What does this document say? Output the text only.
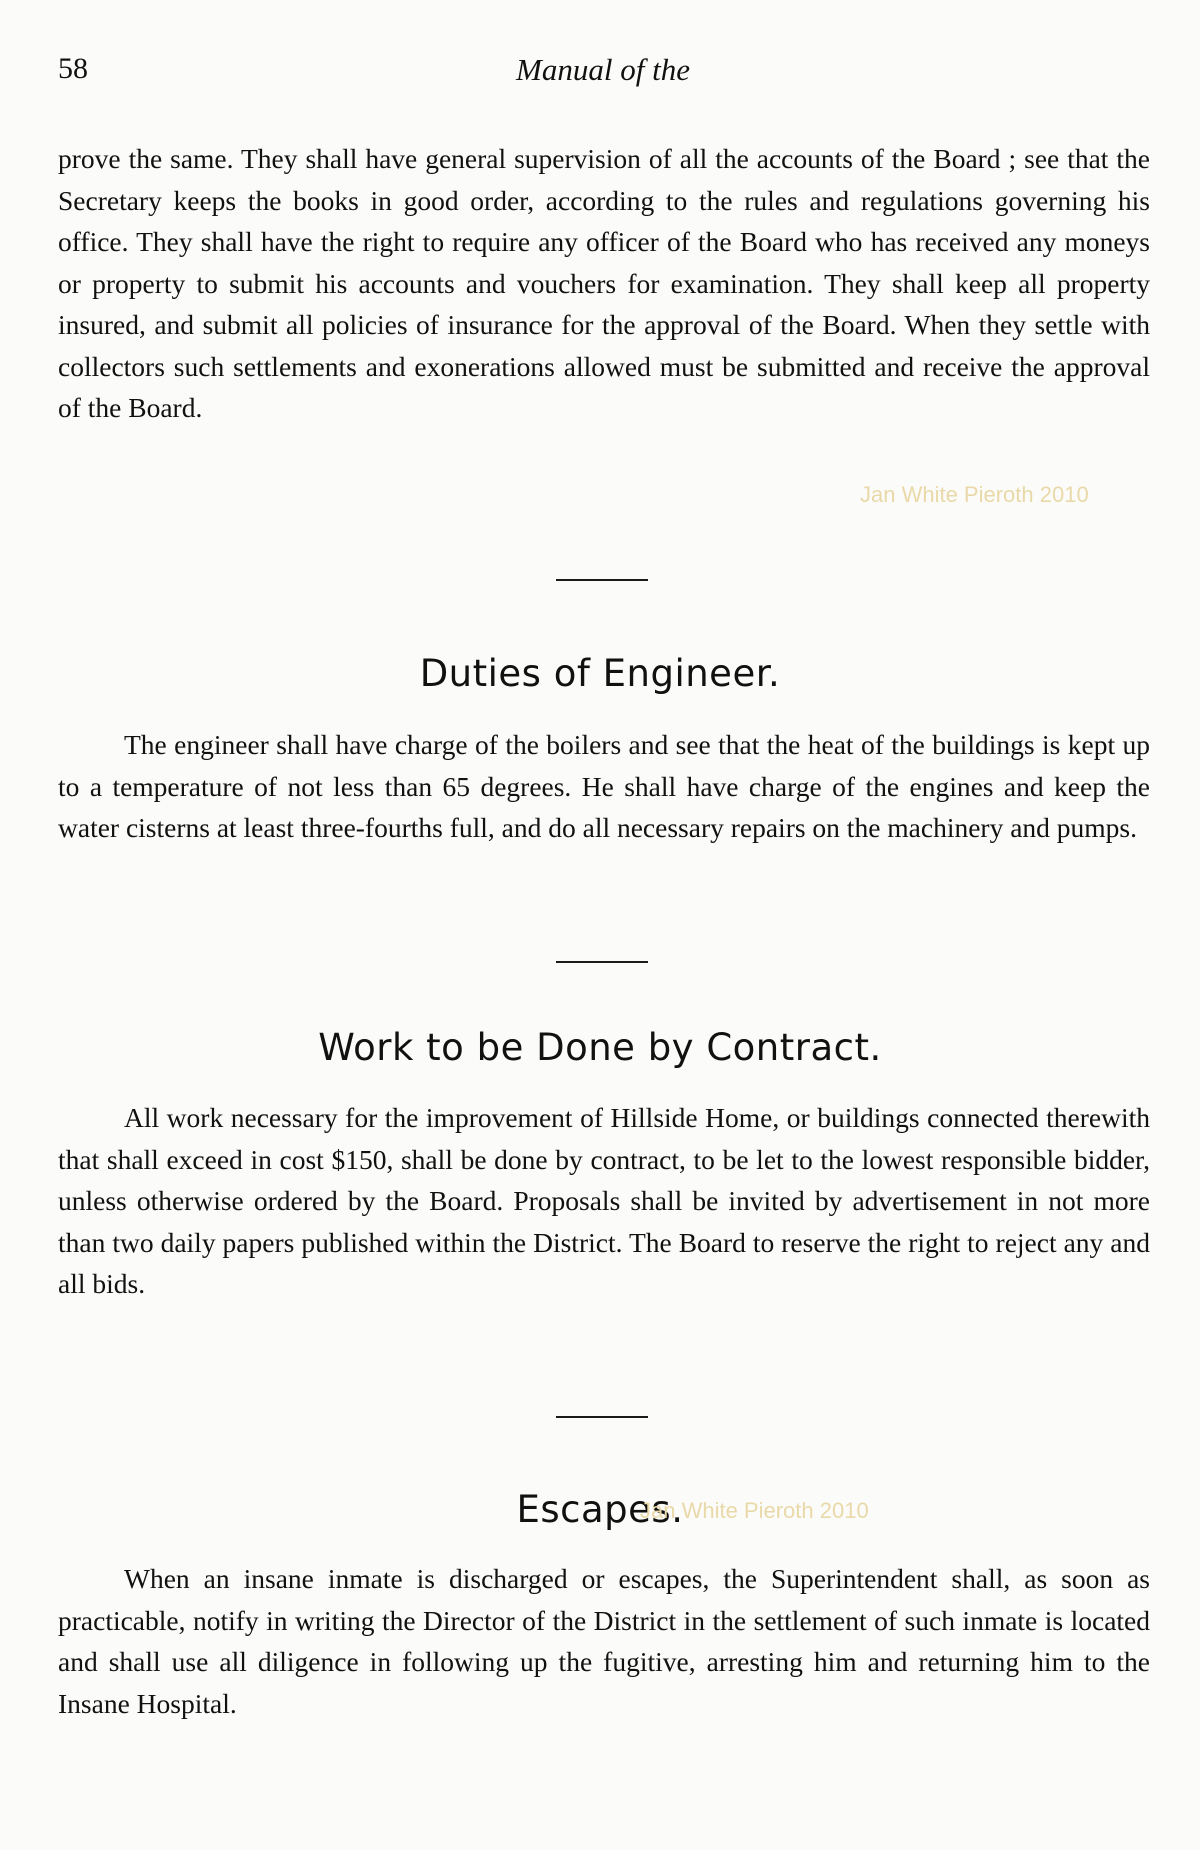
58	Manual of the

prove the same. They shall have general supervision of all the accounts of the Board ; see that the Secretary keeps the books in good order, according to the rules and regulations governing his office. They shall have the right to require any officer of the Board who has received any moneys or property to submit his accounts and vouchers for examination. They shall keep all property insured, and submit all policies of insurance for the approval of the Board. When they settle with collectors such settlements and exonerations allowed must be submitted and receive the approval of the Board.

Jan White Pieroth 2010
Duties of Engineer.

The engineer shall have charge of the boilers and see that the heat of the buildings is kept up to a temperature of not less than 65 degrees. He shall have charge of the engines and keep the water cisterns at least three-fourths full, and do all necessary repairs on the machinery and pumps.

Work to be Done by Contract.

All work necessary for the improvement of Hillside Home, or buildings connected therewith that shall exceed in cost $150, shall be done by contract, to be let to the lowest responsible bidder, unless otherwise ordered by the Board. Proposals shall be invited by advertisement in not more than two daily papers published within the District. The Board to reserve the right to reject any and all bids.

Escapes.
Jan White Pieroth 2010

When an insane inmate is discharged or escapes, the Superintendent shall, as soon as practicable, notify in writing the Director of the District in the settlement of such inmate is located and shall use all diligence in following up the fugitive, arresting him and returning him to the Insane Hospital.
